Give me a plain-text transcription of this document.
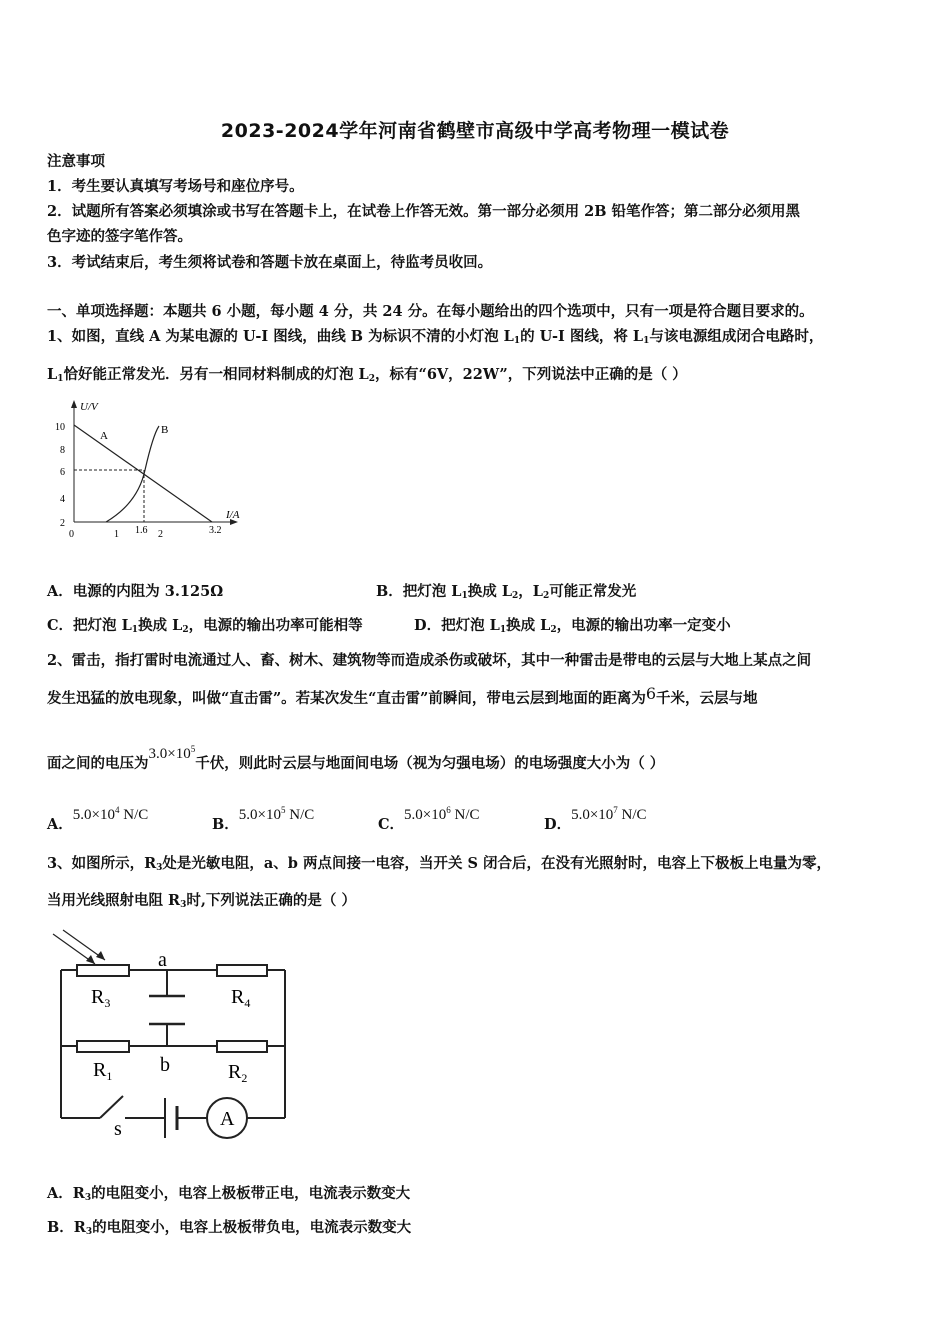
2023-2024学年河南省鹤壁市高级中学高考物理一模试卷
注意事项
1．考生要认真填写考场号和座位序号。
2．试题所有答案必须填涂或书写在答题卡上，在试卷上作答无效。第一部分必须用 2B 铅笔作答；第二部分必须用黑
色字迹的签字笔作答。
3．考试结束后，考生须将试卷和答题卡放在桌面上，待监考员收回。
一、单项选择题：本题共 6 小题，每小题 4 分，共 24 分。在每小题给出的四个选项中，只有一项是符合题目要求的。
1、如图，直线 A 为某电源的 U-I 图线，曲线 B 为标识不清的小灯泡 $L_1$的 U-I 图线，将 $L_1$与该电源组成闭合电路时，
$L_1$恰好能正常发光．另有一相同材料制成的灯泡 $L_2$，标有“6V，22W”，下列说法中正确的是（ ）
U/V
I/A
10
8
6
4
2
0	1 1.6 2	3.2
A	B
A．电源的内阻为 3.125Ω	B．把灯泡 $L_1$换成 $L_2$，$L_2$可能正常发光
C．把灯泡 $L_1$换成 $L_2$，电源的输出功率可能相等	D．把灯泡 $L_1$换成 $L_2$，电源的输出功率一定变小
2、雷击，指打雷时电流通过人、畜、树木、建筑物等而造成杀伤或破坏，其中一种雷击是带电的云层与大地上某点之间
发生迅猛的放电现象，叫做“直击雷”。若某次发生“直击雷”前瞬间，带电云层到地面的距离为6千米，云层与地
面之间的电压为$3.0\times 10^5$千伏，则此时云层与地面间电场（视为匀强电场）的电场强度大小为（ ）
A．$5.0\times 10^4$ N/C
B．$5.0\times 10^5$ N/C
C．$5.0\times 10^6$ N/C
D．$5.0\times 10^7$ N/C
3、如图所示，$R_3$处是光敏电阻，a、b 两点间接一电容，当开关 S 闭合后，在没有光照射时，电容上下极板上电量为零，
当用光线照射电阻 $R_3$时,下列说法正确的是（ ）
$R_3$	$R_4$
a
$R_1$	$R_2$
b
s	A
A．$R_3$的电阻变小，电容上极板带正电，电流表示数变大
B．$R_3$的电阻变小，电容上极板带负电，电流表示数变大
